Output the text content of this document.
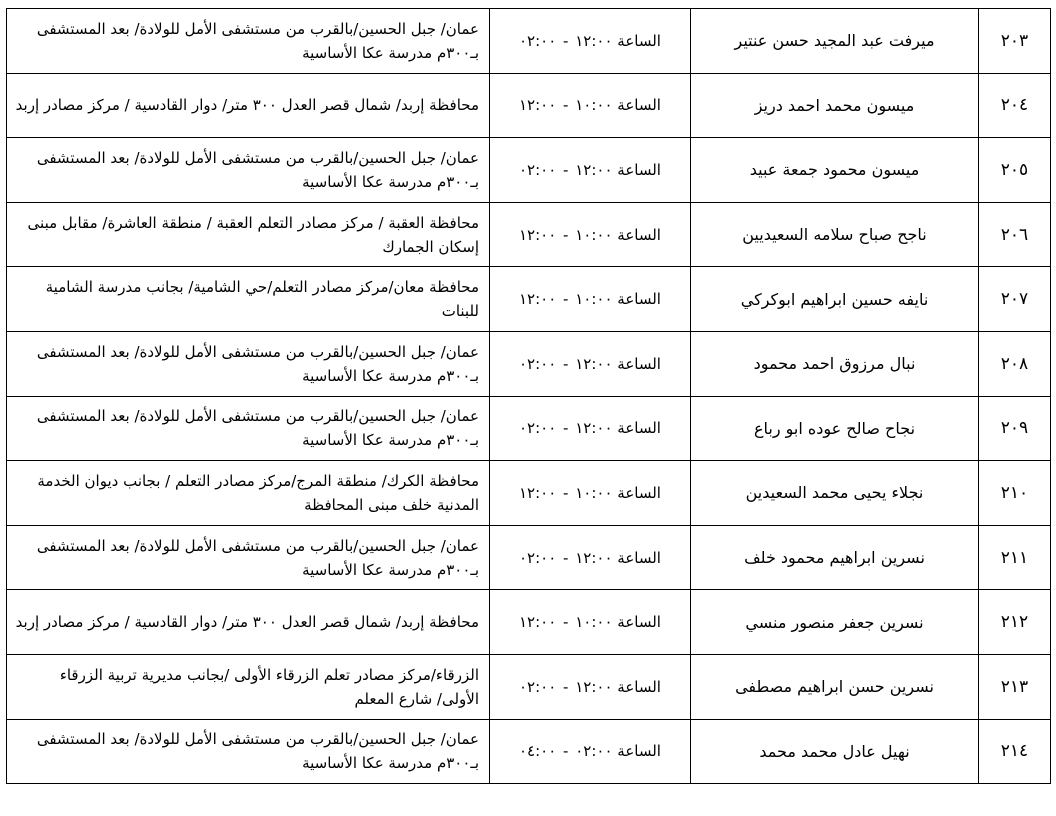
عمان/ جبل الحسين/بالقرب من مستشفى الأمل للولادة/ بعد المستشفى بـ٣٠٠م مدرسة عكا الأساسية	الساعة ١٢:٠٠ - ٠٢:٠٠	ميرفت عبد المجيد حسن عنتير	٢٠٣
محافظة إربد/ شمال قصر العدل ٣٠٠ متر/ دوار القادسية / مركز مصادر إربد	الساعة ١٠:٠٠ - ١٢:٠٠	ميسون محمد احمد دريز	٢٠٤
عمان/ جبل الحسين/بالقرب من مستشفى الأمل للولادة/ بعد المستشفى بـ٣٠٠م مدرسة عكا الأساسية	الساعة ١٢:٠٠ - ٠٢:٠٠	ميسون محمود جمعة عبيد	٢٠٥
محافظة العقبة / مركز مصادر التعلم العقبة / منطقة العاشرة/ مقابل مبنى إسكان الجمارك	الساعة ١٠:٠٠ - ١٢:٠٠	ناجح صباح سلامه السعيديين	٢٠٦
محافظة معان/مركز مصادر التعلم/حي الشامية/ بجانب مدرسة الشامية للبنات	الساعة ١٠:٠٠ - ١٢:٠٠	نايفه حسين ابراهيم ابوكركي	٢٠٧
عمان/ جبل الحسين/بالقرب من مستشفى الأمل للولادة/ بعد المستشفى بـ٣٠٠م مدرسة عكا الأساسية	الساعة ١٢:٠٠ - ٠٢:٠٠	نبال مرزوق احمد محمود	٢٠٨
عمان/ جبل الحسين/بالقرب من مستشفى الأمل للولادة/ بعد المستشفى بـ٣٠٠م مدرسة عكا الأساسية	الساعة ١٢:٠٠ - ٠٢:٠٠	نجاح صالح عوده ابو رباع	٢٠٩
محافظة الكرك/ منطقة المرج/مركز مصادر التعلم / بجانب ديوان الخدمة المدنية خلف مبنى المحافظة	الساعة ١٠:٠٠ - ١٢:٠٠	نجلاء يحيى محمد السعيدين	٢١٠
عمان/ جبل الحسين/بالقرب من مستشفى الأمل للولادة/ بعد المستشفى بـ٣٠٠م مدرسة عكا الأساسية	الساعة ١٢:٠٠ - ٠٢:٠٠	نسرين ابراهيم محمود خلف	٢١١
محافظة إربد/ شمال قصر العدل ٣٠٠ متر/ دوار القادسية / مركز مصادر إربد	الساعة ١٠:٠٠ - ١٢:٠٠	نسرين جعفر منصور منسي	٢١٢
الزرقاء/مركز مصادر تعلم الزرقاء الأولى /بجانب مديرية تربية الزرقاء الأولى/ شارع المعلم	الساعة ١٢:٠٠ - ٠٢:٠٠	نسرين حسن ابراهيم مصطفى	٢١٣
عمان/ جبل الحسين/بالقرب من مستشفى الأمل للولادة/ بعد المستشفى بـ٣٠٠م مدرسة عكا الأساسية	الساعة ٠٢:٠٠ - ٠٤:٠٠	نهيل عادل محمد محمد	٢١٤
